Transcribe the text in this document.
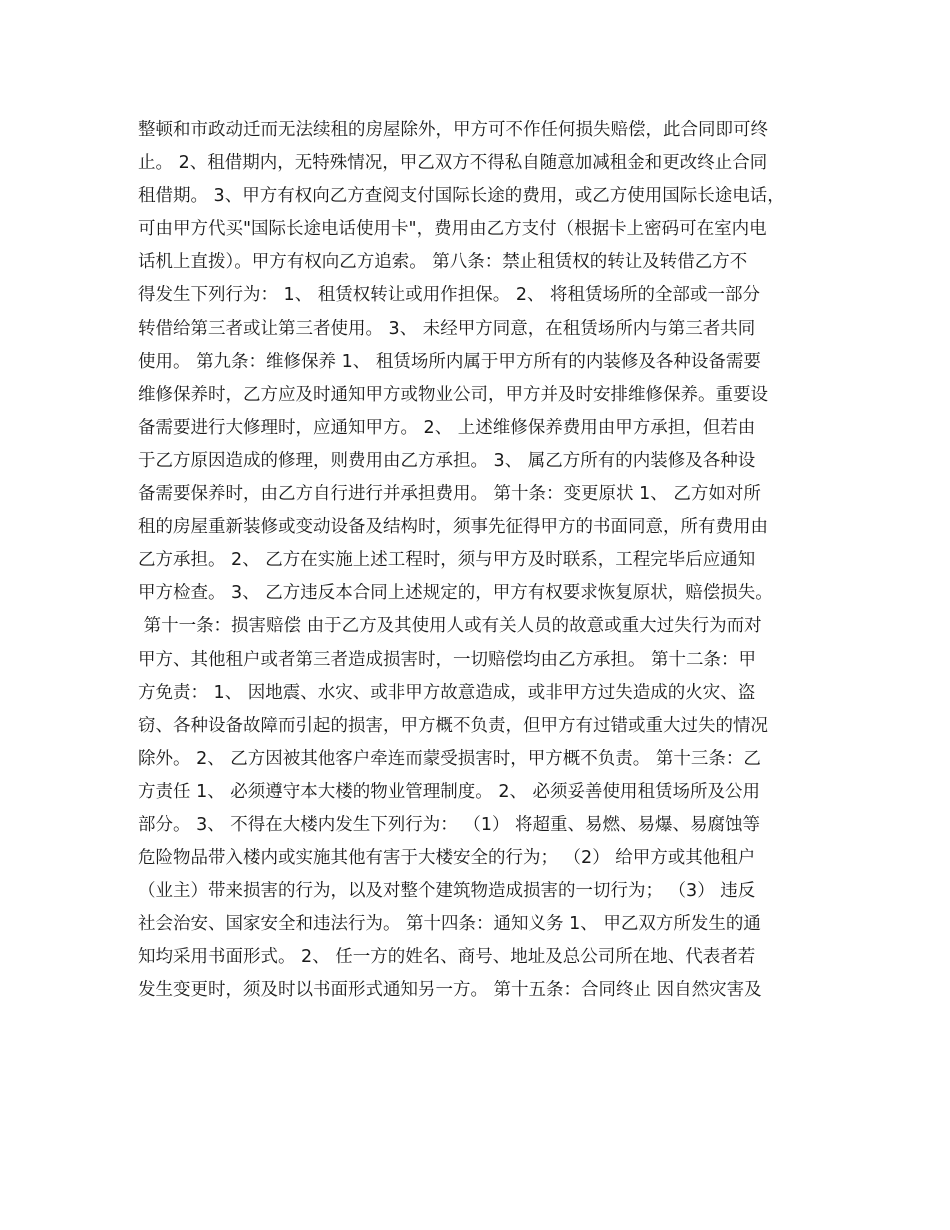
整顿和市政动迁而无法续租的房屋除外，甲方可不作任何损失赔偿，此合同即可终
止。 2、租借期内，无特殊情况，甲乙双方不得私自随意加减租金和更改终止合同
租借期。 3、甲方有权向乙方查阅支付国际长途的费用，或乙方使用国际长途电话，
可由甲方代买"国际长途电话使用卡"，费用由乙方支付（根据卡上密码可在室内电
话机上直拨）。甲方有权向乙方追索。 第八条：禁止租赁权的转让及转借乙方不
得发生下列行为： 1、 租赁权转让或用作担保。 2、 将租赁场所的全部或一部分
转借给第三者或让第三者使用。 3、 未经甲方同意，在租赁场所内与第三者共同
使用。 第九条：维修保养 1、 租赁场所内属于甲方所有的内装修及各种设备需要
维修保养时，乙方应及时通知甲方或物业公司，甲方并及时安排维修保养。重要设
备需要进行大修理时，应通知甲方。 2、 上述维修保养费用由甲方承担，但若由
于乙方原因造成的修理，则费用由乙方承担。 3、 属乙方所有的内装修及各种设
备需要保养时，由乙方自行进行并承担费用。 第十条：变更原状 1、 乙方如对所
租的房屋重新装修或变动设备及结构时，须事先征得甲方的书面同意，所有费用由
乙方承担。 2、 乙方在实施上述工程时，须与甲方及时联系，工程完毕后应通知
甲方检查。 3、 乙方违反本合同上述规定的，甲方有权要求恢复原状，赔偿损失。
第十一条：损害赔偿 由于乙方及其使用人或有关人员的故意或重大过失行为而对
甲方、其他租户或者第三者造成损害时，一切赔偿均由乙方承担。 第十二条：甲
方免责： 1、 因地震、水灾、或非甲方故意造成，或非甲方过失造成的火灾、盗
窃、各种设备故障而引起的损害，甲方概不负责，但甲方有过错或重大过失的情况
除外。 2、 乙方因被其他客户牵连而蒙受损害时，甲方概不负责。 第十三条：乙
方责任 1、 必须遵守本大楼的物业管理制度。 2、 必须妥善使用租赁场所及公用
部分。 3、 不得在大楼内发生下列行为： （1） 将超重、易燃、易爆、易腐蚀等
危险物品带入楼内或实施其他有害于大楼安全的行为； （2） 给甲方或其他租户
（业主）带来损害的行为，以及对整个建筑物造成损害的一切行为； （3） 违反
社会治安、国家安全和违法行为。 第十四条：通知义务 1、 甲乙双方所发生的通
知均采用书面形式。 2、 任一方的姓名、商号、地址及总公司所在地、代表者若
发生变更时，须及时以书面形式通知另一方。 第十五条：合同终止 因自然灾害及
